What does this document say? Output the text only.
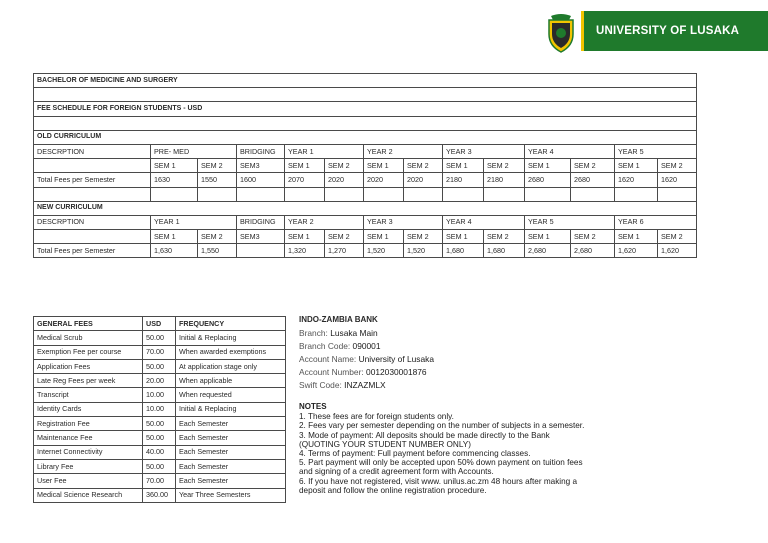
UNIVERSITY OF LUSAKA
BACHELOR OF MEDICINE AND SURGERY													

FEE SCHEDULE FOR FOREIGN STUDENTS - USD													

OLD CURRICULUM													
DESCRPTION	PRE- MED		BRIDGING	YEAR 1		YEAR 2		YEAR 3		YEAR 4		YEAR 5	
	SEM 1	SEM 2	SEM3	SEM 1	SEM 2	SEM 1	SEM 2	SEM 1	SEM 2	SEM 1	SEM 2	SEM 1	SEM 2
Total Fees per Semester	1630	1550	1600	2070	2020	2020	2020	2180	2180	2680	2680	1620	1620

NEW CURRICULUM													
DESCRPTION	YEAR 1		BRIDGING	YEAR 2		YEAR 3		YEAR 4		YEAR 5		YEAR 6	
	SEM 1	SEM 2	SEM3	SEM 1	SEM 2	SEM 1	SEM 2	SEM 1	SEM 2	SEM 1	SEM 2	SEM 1	SEM 2
Total Fees per Semester	1,630	1,550		1,320	1,270	1,520	1,520	1,680	1,680	2,680	2,680	1,620	1,620
GENERAL FEES	USD	FREQUENCY
Medical Scrub	50.00	Initial & Replacing
Exemption Fee per course	70.00	When awarded exemptions
Application Fees	50.00	At application stage only
Late Reg Fees per week	20.00	When applicable
Transcript	10.00	When requested
Identity Cards	10.00	Initial & Replacing
Registration Fee	50.00	Each Semester
Maintenance Fee	50.00	Each Semester
Internet Connectivity	40.00	Each Semester
Library Fee	50.00	Each Semester
User Fee	70.00	Each Semester
Medical Science Research	360.00	Year Three Semesters
INDO-ZAMBIA BANK
Branch: Lusaka Main
Branch Code: 090001
Account Name: University of Lusaka
Account Number: 0012030001876
Swift Code: INZAZMLX
NOTES
1. These fees are for foreign students only.
2. Fees vary per semester depending on the number of subjects in a semester.
3. Mode of payment: All deposits should be made directly to the Bank
(QUOTING YOUR STUDENT NUMBER ONLY)
4. Terms of payment: Full payment before commencing classes.
5. Part payment will only be accepted upon 50% down payment on tuition fees
and signing of a credit agreement form with Accounts.
6. If you have not registered, visit www. unilus.ac.zm 48 hours after making a
deposit and follow the online registration procedure.
